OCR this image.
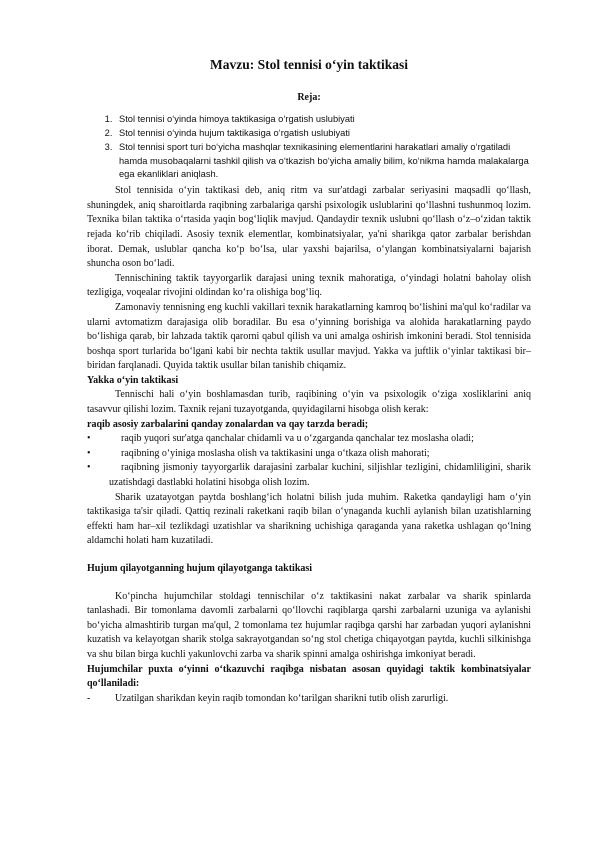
Mavzu: Stol tennisi o‘yin taktikasi
Reja:
1. Stol tennisi o‘yinda himoya taktikasiga o‘rgatish uslubiyati
2. Stol tennisi o‘yinda hujum taktikasiga o‘rgatish uslubiyati
3. Stol tennisi sport turi bo‘yicha mashqlar texnikasining elementlarini harakatlari amaliy o‘rgatiladi hamda musobaqalarni tashkil qilish va o‘tkazish bo‘yicha amaliy bilim, ko‘nikma hamda malakalarga ega ekanliklari aniqlash.

Stol tennisida o‘yin taktikasi deb, aniq ritm va sur'atdagi zarbalar seriyasini maqsadli qo‘llash, shuningdek, aniq sharoitlarda raqibning zarbalariga qarshi psixologik uslublarini qo‘llashni tushunmoq lozim. Texnika bilan taktika o‘rtasida yaqin bog‘liqlik mavjud. Qandaydir texnik uslubni qo‘llash o‘z–o‘zidan taktik rejada ko‘rib chiqiladi. Asosiy texnik elementlar, kombinatsiyalar, ya'ni sharikga qator zarbalar berishdan iborat. Demak, uslublar qancha ko‘p bo‘lsa, ular yaxshi bajarilsa, o‘ylangan kombinatsiyalarni bajarish shuncha oson bo‘ladi.

Tennischining taktik tayyorgarlik darajasi uning texnik mahoratiga, o‘yindagi holatni baholay olish tezligiga, voqealar rivojini oldindan ko‘ra olishiga bog‘liq.

Zamonaviy tennisning eng kuchli vakillari texnik harakatlarning kamroq bo‘lishini ma'qul ko‘radilar va ularni avtomatizm darajasiga olib boradilar. Bu esa o‘yinning borishiga va alohida harakatlarning paydo bo‘lishiga qarab, bir lahzada taktik qarorni qabul qilish va uni amalga oshirish imkonini beradi. Stol tennisida boshqa sport turlarida bo‘lgani kabi bir nechta taktik usullar mavjud. Yakka va juftlik o‘yinlar taktikasi bir–biridan farqlanadi. Quyida taktik usullar bilan tanishib chiqamiz.

Yakka o‘yin taktikasi

Tennischi hali o‘yin boshlamasdan turib, raqibining o‘yin va psixologik o‘ziga xosliklarini aniq tasavvur qilishi lozim. Taxnik rejani tuzayotganda, quyidagilarni hisobga olish kerak:

raqib asosiy zarbalarini qanday zonalardan va qay tarzda beradi;

•	raqib yuqori sur'atga qanchalar chidamli va u o‘zgarganda qanchalar tez moslasha oladi;
•	raqibning o‘yiniga moslasha olish va taktikasini unga o‘tkaza olish mahorati;
•	raqibning jismoniy tayyorgarlik darajasini zarbalar kuchini, siljishlar tezligini, chidamliligini, sharik uzatishdagi dastlabki holatini hisobga olish lozim.

Sharik uzatayotgan paytda boshlang‘ich holatni bilish juda muhim. Raketka qandayligi ham o‘yin taktikasiga ta'sir qiladi. Qattiq rezinali raketkani raqib bilan o‘ynaganda kuchli aylanish bilan uzatishlarning effekti ham har–xil tezlikdagi uzatishlar va sharikning uchishiga qaraganda yana raketka ushlagan qo‘lning aldamchi holati ham kuzatiladi.

Hujum qilayotganning hujum qilayotganga taktikasi

Ko‘pincha hujumchilar stoldagi tennischilar o‘z taktikasini nakat zarbalar va sharik spinlarda tanlashadi. Bir tomonlama davomli zarbalarni qo‘llovchi raqiblarga qarshi zarbalarni uzuniga va aylanishi bo‘yicha almashtirib turgan ma'qul, 2 tomonlama tez hujumlar raqibga qarshi har zarbadan yuqori aylanishni kuzatish va kelayotgan sharik stolga sakrayotgandan so‘ng stol chetiga chiqayotgan paytda, kuchli silkinishga va shu bilan birga kuchli yakunlovchi zarba va sharik spinni amalga oshirishga imkoniyat beradi.

Hujumchilar puxta o‘yinni o‘tkazuvchi raqibga nisbatan asosan quyidagi taktik kombinatsiyalar qo‘llaniladi:

-	Uzatilgan sharikdan keyin raqib tomondan ko‘tarilgan sharikni tutib olish zarurligi.
